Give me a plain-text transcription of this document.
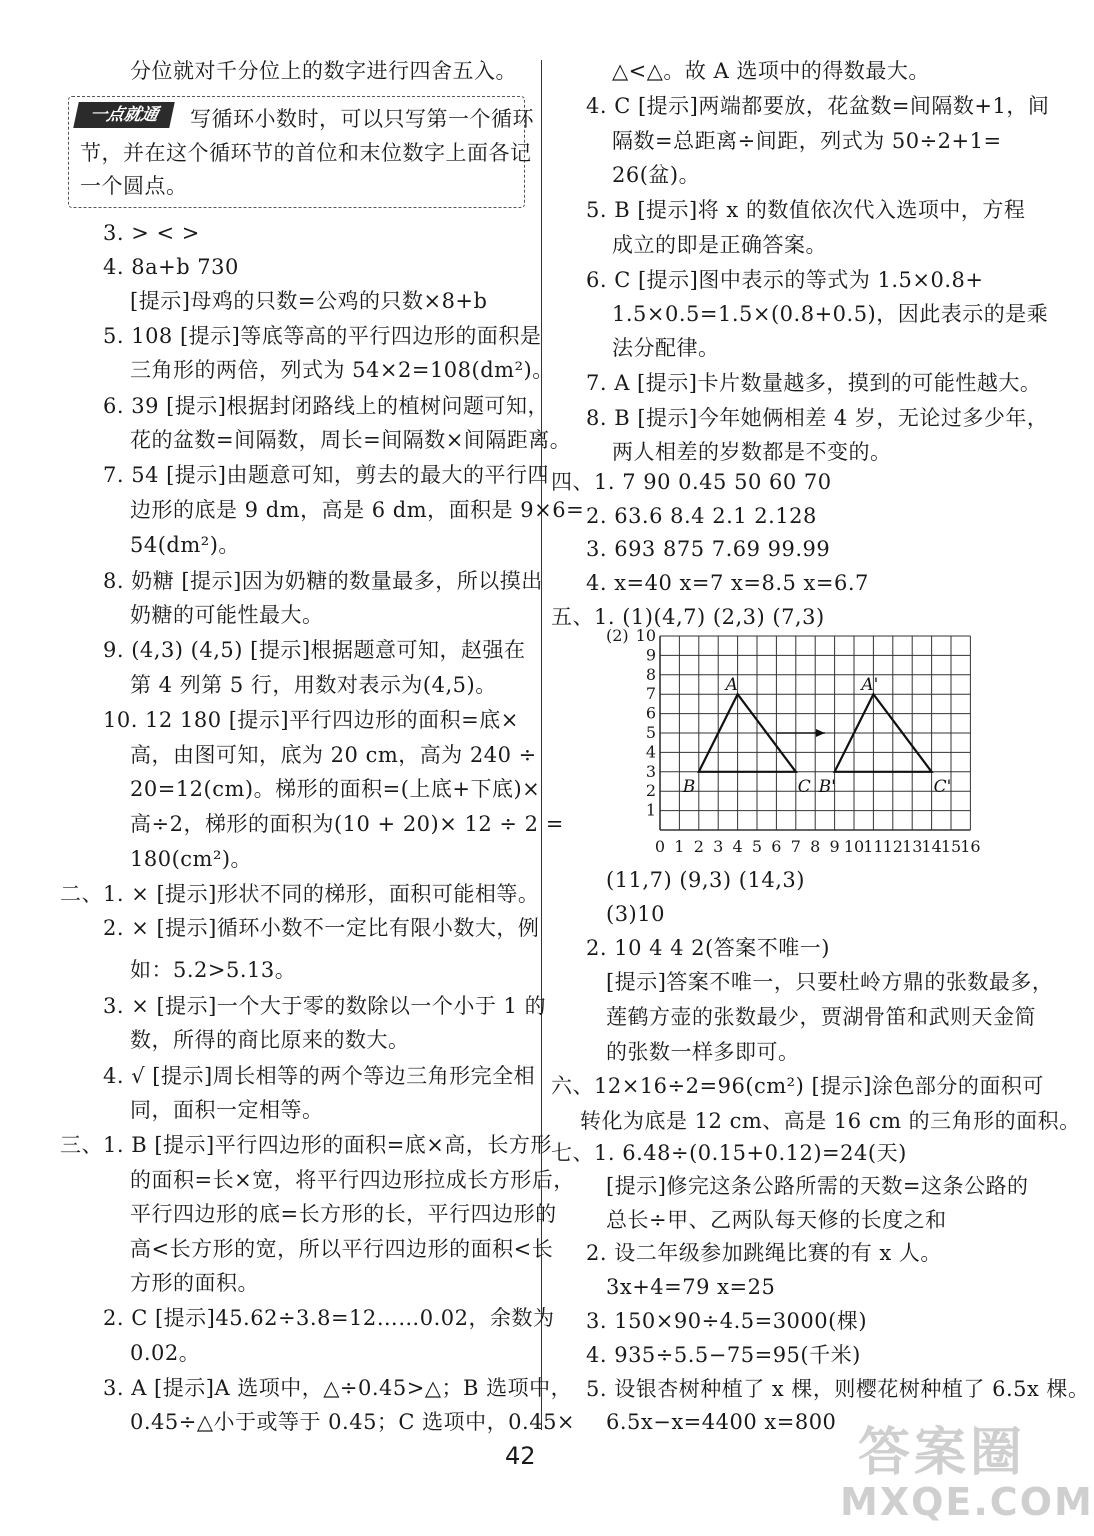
一点就通	写循环小数时，可以只写第一个循环
节，并在这个循环节的首位和末位数字上面各记
一个圆点。
分位就对千分位上的数字进行四舍五入。
3. > < >
4. 8a+b 730
[提示]母鸡的只数=公鸡的只数×8+b
5. 108 [提示]等底等高的平行四边形的面积是
三角形的两倍，列式为 54×2=108(dm²)。
6. 39 [提示]根据封闭路线上的植树问题可知，
花的盆数=间隔数，周长=间隔数×间隔距离。
7. 54 [提示]由题意可知，剪去的最大的平行四
边形的底是 9 dm，高是 6 dm，面积是 9×6=
54(dm²)。
8. 奶糖 [提示]因为奶糖的数量最多，所以摸出
奶糖的可能性最大。
9. (4,3) (4,5) [提示]根据题意可知，赵强在
第 4 列第 5 行，用数对表示为(4,5)。
10. 12 180 [提示]平行四边形的面积=底×
高，由图可知，底为 20 cm，高为 240 ÷
20=12(cm)。梯形的面积=(上底+下底)×
高÷2，梯形的面积为(10 + 20)× 12 ÷ 2 =
180(cm²)。
二、1. × [提示]形状不同的梯形，面积可能相等。
2. × [提示]循环小数不一定比有限小数大，例
如：5.2>5.13。
3. × [提示]一个大于零的数除以一个小于 1 的
数，所得的商比原来的数大。
4. √ [提示]周长相等的两个等边三角形完全相
同，面积一定相等。
三、1. B [提示]平行四边形的面积=底×高，长方形
的面积=长×宽，将平行四边形拉成长方形后，
平行四边形的底=长方形的长，平行四边形的
高<长方形的宽，所以平行四边形的面积<长
方形的面积。
2. C [提示]45.62÷3.8=12……0.02，余数为
0.02。
3. A [提示]A 选项中，△÷0.45>△；B 选项中，
0.45÷△小于或等于 0.45；C 选项中，0.45×
△<△。故 A 选项中的得数最大。
4. C [提示]两端都要放，花盆数=间隔数+1，间
隔数=总距离÷间距，列式为 50÷2+1=
26(盆)。
5. B [提示]将 x 的数值依次代入选项中，方程
成立的即是正确答案。
6. C [提示]图中表示的等式为 1.5×0.8+
1.5×0.5=1.5×(0.8+0.5)，因此表示的是乘
法分配律。
7. A [提示]卡片数量越多，摸到的可能性越大。
8. B [提示]今年她俩相差 4 岁，无论过多少年，
两人相差的岁数都是不变的。
四、1. 7 90 0.45 50 60 70
2. 63.6 8.4 2.1 2.128
3. 693 875 7.69 99.99
4. x=40 x=7 x=8.5 x=6.7
五、1. (1)(4,7) (2,3) (7,3)
0 1 2 3 4 5 6 7 8 9 10 11 12 13 14 15 16
1
2
3
4
5
6
7
8
9
10
(2)
A
B	C
A'
B'	C'
(11,7) (9,3) (14,3)
(3)10
2. 10 4 4 2(答案不唯一)
[提示]答案不唯一，只要杜岭方鼎的张数最多，
莲鹤方壶的张数最少，贾湖骨笛和武则天金简
的张数一样多即可。
六、12×16÷2=96(cm²) [提示]涂色部分的面积可
转化为底是 12 cm、高是 16 cm 的三角形的面积。
七、1. 6.48÷(0.15+0.12)=24(天)
[提示]修完这条公路所需的天数=这条公路的
总长÷甲、乙两队每天修的长度之和
2. 设二年级参加跳绳比赛的有 x 人。
3x+4=79 x=25
3. 150×90÷4.5=3000(棵)
4. 935÷5.5−75=95(千米)
5. 设银杏树种植了 x 棵，则樱花树种植了 6.5x 棵。
6.5x−x=4400 x=800
42	答案圈
MXQE.COM
